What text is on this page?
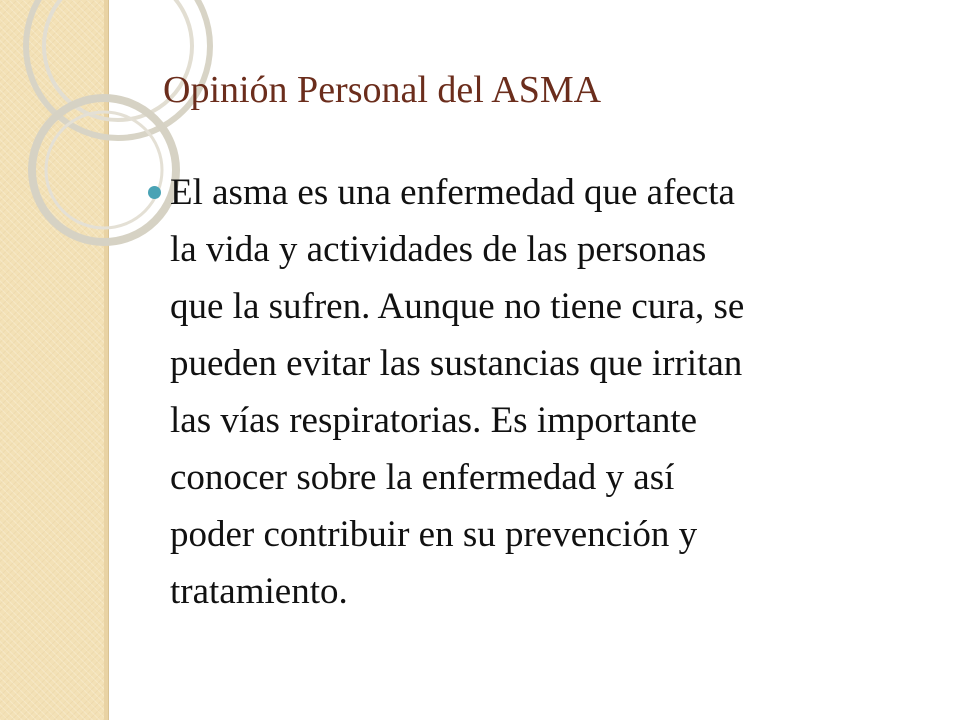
Opinión Personal del ASMA
El asma es una enfermedad que afecta
la vida y actividades de las personas
que la sufren. Aunque no tiene cura, se
pueden evitar las sustancias que irritan
las vías respiratorias. Es importante
conocer sobre la enfermedad y así
poder contribuir en su prevención y
tratamiento.
